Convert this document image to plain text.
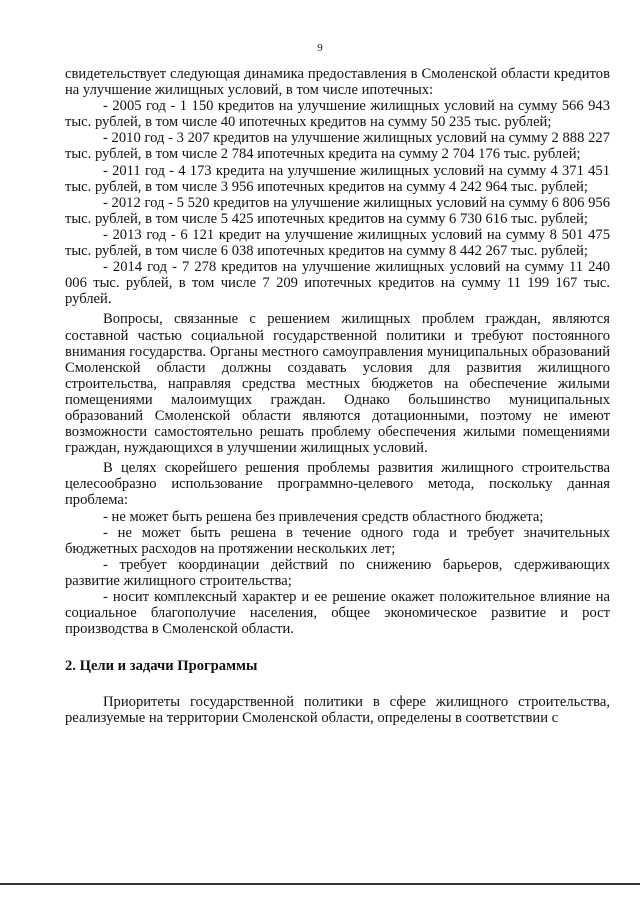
9

свидетельствует следующая динамика предоставления в Смоленской области кредитов на улучшение жилищных условий, в том числе ипотечных:

- 2005 год - 1 150 кредитов на улучшение жилищных условий на сумму 566 943 тыс. рублей, в том числе 40 ипотечных кредитов на сумму 50 235 тыс. рублей;

- 2010 год - 3 207 кредитов на улучшение жилищных условий на сумму 2 888 227 тыс. рублей, в том числе 2 784 ипотечных кредита на сумму 2 704 176 тыс. рублей;

- 2011 год - 4 173 кредита на улучшение жилищных условий на сумму 4 371 451 тыс. рублей, в том числе 3 956 ипотечных кредитов на сумму 4 242 964 тыс. рублей;

- 2012 год - 5 520 кредитов на улучшение жилищных условий на сумму 6 806 956 тыс. рублей, в том числе 5 425 ипотечных кредитов на сумму 6 730 616 тыс. рублей;

- 2013 год - 6 121 кредит на улучшение жилищных условий на сумму 8 501 475 тыс. рублей, в том числе 6 038 ипотечных кредитов на сумму 8 442 267 тыс. рублей;

- 2014 год - 7 278 кредитов на улучшение жилищных условий на сумму 11 240 006 тыс. рублей, в том числе 7 209 ипотечных кредитов на сумму 11 199 167 тыс. рублей.

Вопросы, связанные с решением жилищных проблем граждан, являются составной частью социальной государственной политики и требуют постоянного внимания государства. Органы местного самоуправления муниципальных образований Смоленской области должны создавать условия для развития жилищного строительства, направляя средства местных бюджетов на обеспечение жилыми помещениями малоимущих граждан. Однако большинство муниципальных образований Смоленской области являются дотационными, поэтому не имеют возможности самостоятельно решать проблему обеспечения жилыми помещениями граждан, нуждающихся в улучшении жилищных условий.

В целях скорейшего решения проблемы развития жилищного строительства целесообразно использование программно-целевого метода, поскольку данная проблема:

- не может быть решена без привлечения средств областного бюджета;

- не может быть решена в течение одного года и требует значительных бюджетных расходов на протяжении нескольких лет;

- требует координации действий по снижению барьеров, сдерживающих развитие жилищного строительства;

- носит комплексный характер и ее решение окажет положительное влияние на социальное благополучие населения, общее экономическое развитие и рост производства в Смоленской области.

2. Цели и задачи Программы

Приоритеты государственной политики в сфере жилищного строительства, реализуемые на территории Смоленской области, определены в соответствии с
